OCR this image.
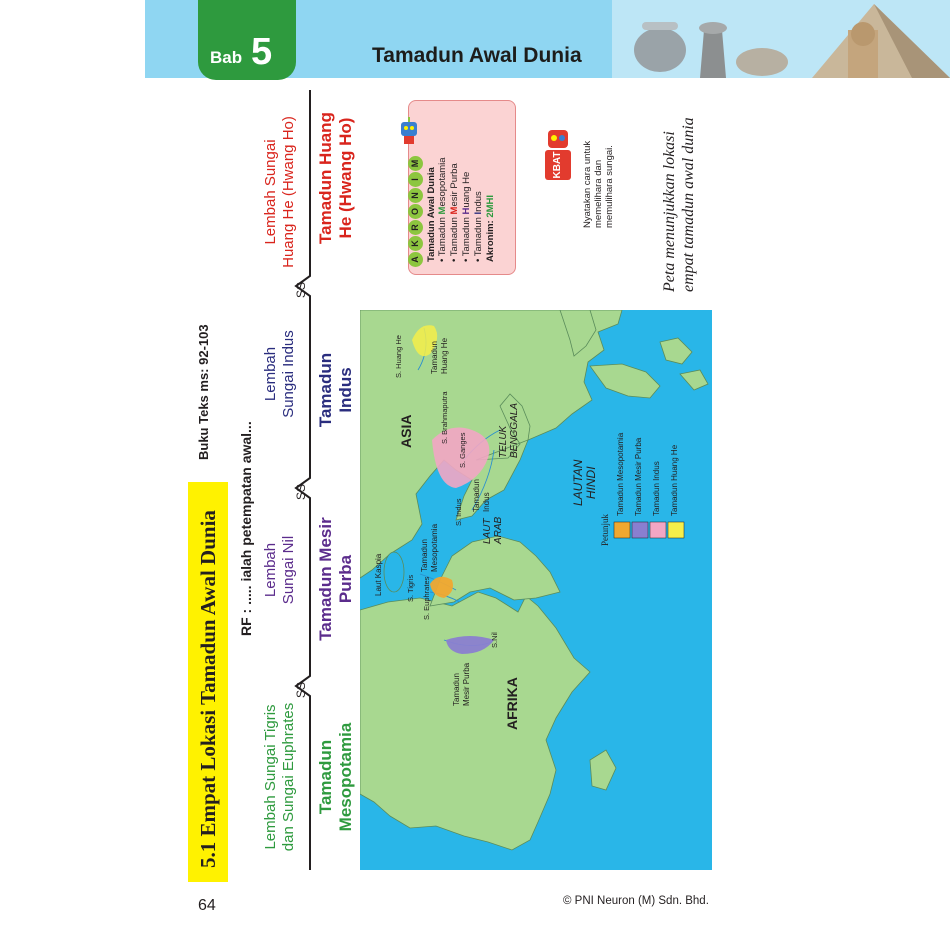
Bab 5	Tamadun Awal Dunia
5.1 Empat Lokasi Tamadun Awal Dunia
Buku Teks ms: 92-103
RF : ..... ialah petempatan awal...
SS
SS
SS
Lembah Sungai Tigris dan Sungai Euphrates Tamadun Mesopotamia
Lembah Sungai Nil Tamadun Mesir Purba
Lembah Sungai Indus Tamadun Indus
Lembah Sungai Huang He (Hwang Ho) Tamadun Huang He (Hwang Ho)
ASIA
AFRIKA
Laut Kaspia
LAUT ARAB
TELUK BENGGALA
LAUTAN HINDI
S. Huang He
S. Brahmaputra
S. Ganges
S. Indus
S. Tigris S. Euphrates
S.Nil
Tamadun Huang He
Tamadun Indus
Tamadun Mesopotamia
Tamadun Mesir Purba
Petunjuk
Tamadun Mesopotamia Tamadun Mesir Purba Tamadun Indus Tamadun Huang He
A
K
R
O
N
I
M
Tamadun Awal Dunia • Tamadun Mesopotamia
• Tamadun Mesir Purba
• Tamadun Huang He
• Tamadun Indus
Akronim: 2MHI
KBAT	Nyatakan cara untuk memelihara dan memulihara sungai.	Peta menunjukkan lokasi empat tamadun awal dunia
64	© PNI Neuron (M) Sdn. Bhd.
